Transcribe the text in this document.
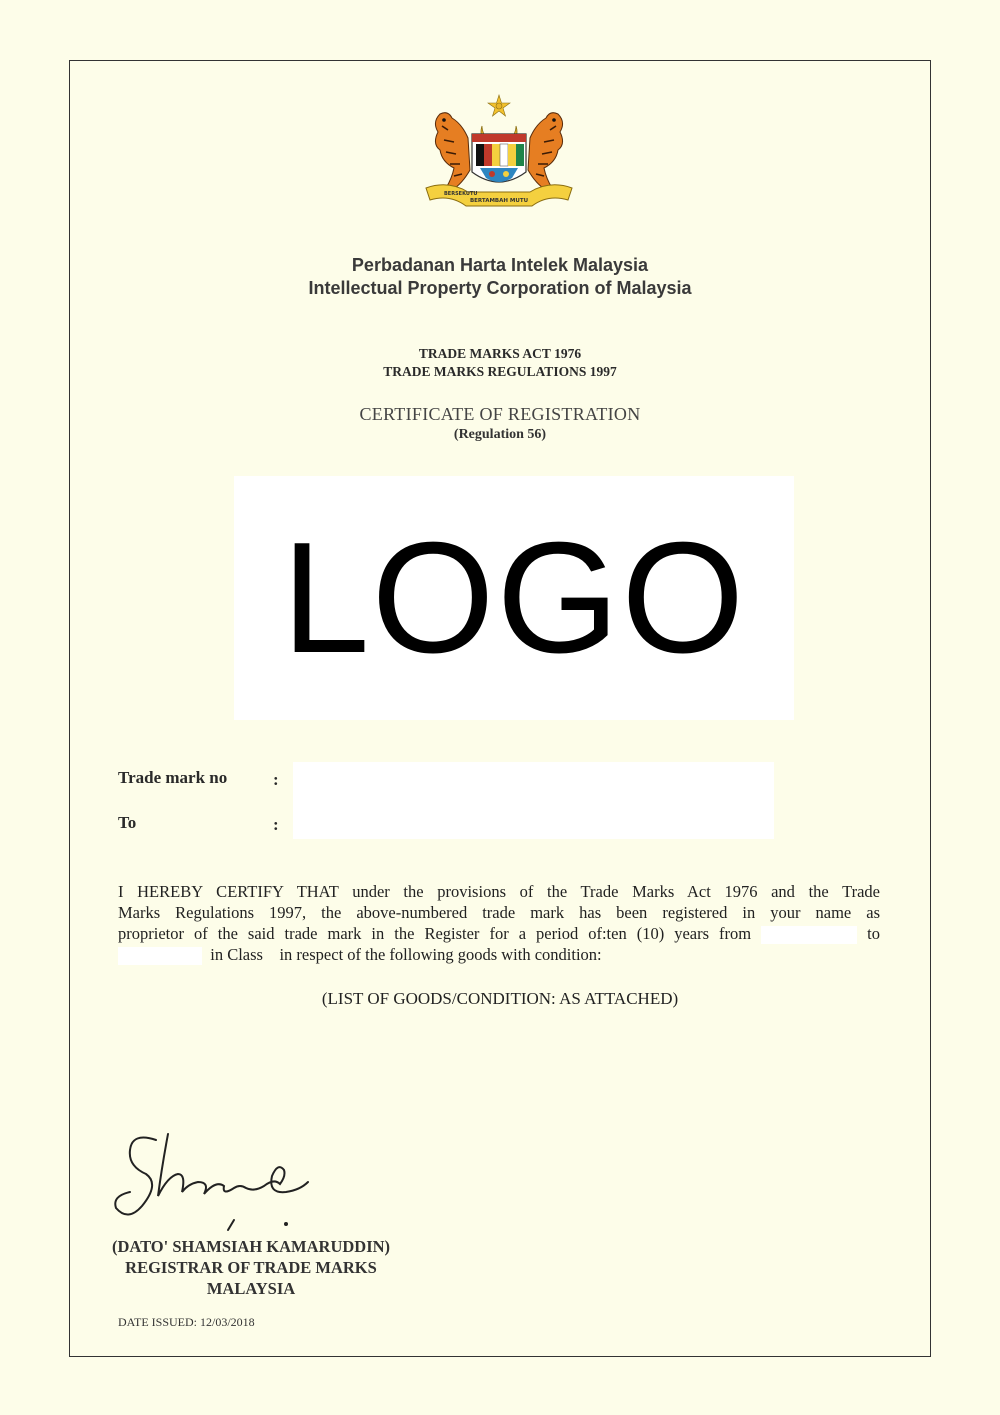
BERSEKUTU
BERTAMBAH MUTU
Perbadanan Harta Intelek Malaysia
Intellectual Property Corporation of Malaysia
TRADE MARKS ACT 1976
TRADE MARKS REGULATIONS 1997
CERTIFICATE OF REGISTRATION
(Regulation 56)
LOGO
Trade mark no	:
To	:
I HEREBY CERTIFY THAT under the provisions of the Trade Marks Act 1976 and the Trade
Marks Regulations 1997, the above-numbered trade mark has been registered in your name as
proprietor of the said trade mark in the Register for a period of:ten (10) years from	to
in Class in respect of the following goods with condition:
(LIST OF GOODS/CONDITION: AS ATTACHED)
(DATO' SHAMSIAH KAMARUDDIN)
REGISTRAR OF TRADE MARKS
MALAYSIA
DATE ISSUED: 12/03/2018
